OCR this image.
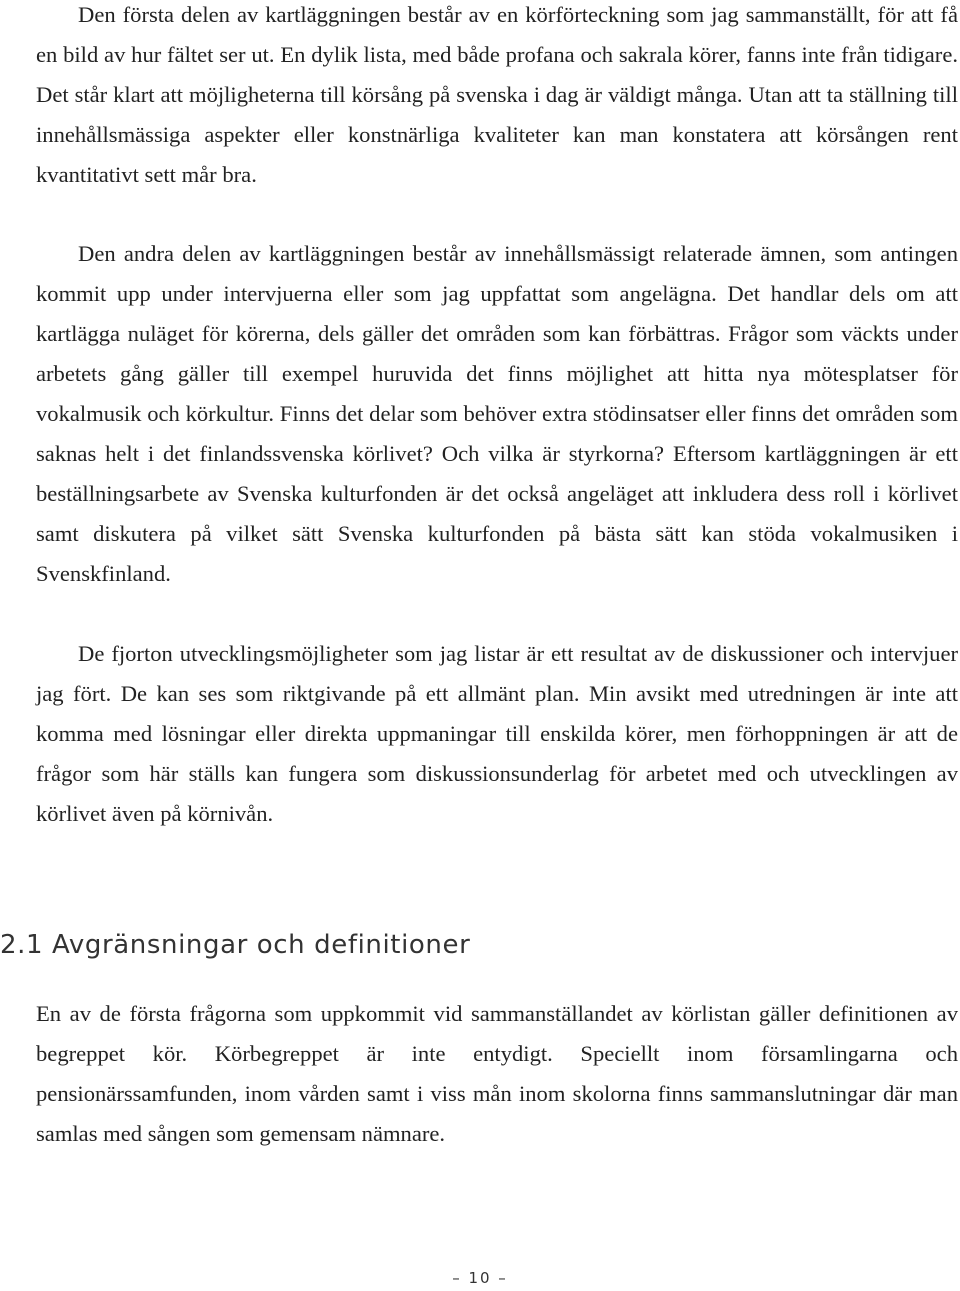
Den första delen av kartläggningen består av en körförteckning som jag sammanställt, för att få en bild av hur fältet ser ut. En dylik lista, med både profana och sakrala körer, fanns inte från tidigare. Det står klart att möjligheterna till körsång på svenska i dag är väldigt många. Utan att ta ställning till innehållsmässiga aspekter eller konstnärliga kvaliteter kan man konstatera att körsången rent kvantitativt sett mår bra.

Den andra delen av kartläggningen består av innehållsmässigt relaterade ämnen, som antingen kommit upp under intervjuerna eller som jag uppfattat som angelägna. Det handlar dels om att kartlägga nuläget för körerna, dels gäller det områden som kan förbättras. Frågor som väckts under arbetets gång gäller till exempel huruvida det finns möjlighet att hitta nya mötesplatser för vokalmusik och körkultur. Finns det delar som behöver extra stödinsatser eller finns det områden som saknas helt i det finlandssvenska körlivet? Och vilka är styrkorna? Eftersom kartläggningen är ett beställningsarbete av Svenska kulturfonden är det också angeläget att inkludera dess roll i körlivet samt diskutera på vilket sätt Svenska kulturfonden på bästa sätt kan stöda vokalmusiken i Svenskfinland.

De fjorton utvecklingsmöjligheter som jag listar är ett resultat av de diskussioner och intervjuer jag fört. De kan ses som riktgivande på ett allmänt plan. Min avsikt med utredningen är inte att komma med lösningar eller direkta uppmaningar till enskilda körer, men förhoppningen är att de frågor som här ställs kan fungera som diskussionsunderlag för arbetet med och utvecklingen av körlivet även på körnivån.

2.1 Avgränsningar och definitioner

En av de första frågorna som uppkommit vid sammanställandet av körlistan gäller definitionen av begreppet kör. Körbegreppet är inte entydigt. Speciellt inom församlingarna och pensionärssamfunden, inom vården samt i viss mån inom skolorna finns sammanslutningar där man samlas med sången som gemensam nämnare.

– 10 –
